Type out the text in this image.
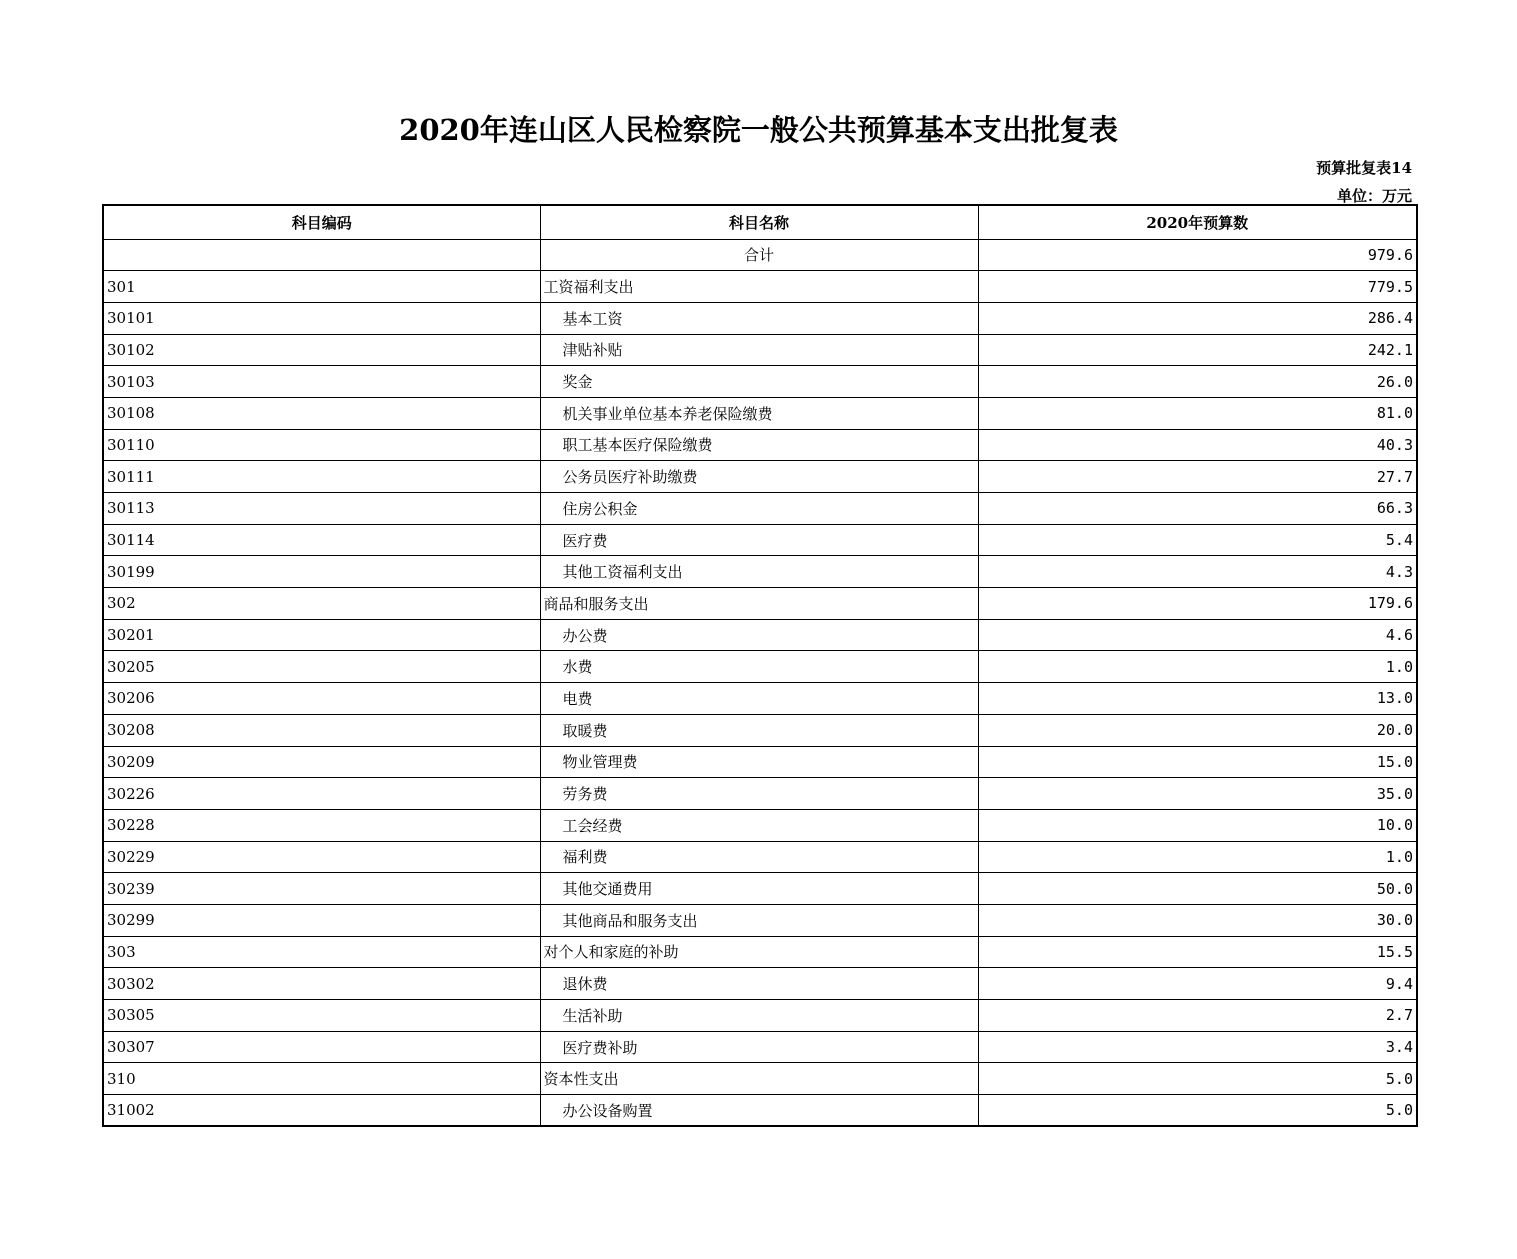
2020年连山区人民检察院一般公共预算基本支出批复表
预算批复表14
单位：万元
科目编码	科目名称	2020年预算数
	合计	979.6
301	工资福利支出	779.5
30101	基本工资	286.4
30102	津贴补贴	242.1
30103	奖金	26.0
30108	机关事业单位基本养老保险缴费	81.0
30110	职工基本医疗保险缴费	40.3
30111	公务员医疗补助缴费	27.7
30113	住房公积金	66.3
30114	医疗费	5.4
30199	其他工资福利支出	4.3
302	商品和服务支出	179.6
30201	办公费	4.6
30205	水费	1.0
30206	电费	13.0
30208	取暖费	20.0
30209	物业管理费	15.0
30226	劳务费	35.0
30228	工会经费	10.0
30229	福利费	1.0
30239	其他交通费用	50.0
30299	其他商品和服务支出	30.0
303	对个人和家庭的补助	15.5
30302	退休费	9.4
30305	生活补助	2.7
30307	医疗费补助	3.4
310	资本性支出	5.0
31002	办公设备购置	5.0
